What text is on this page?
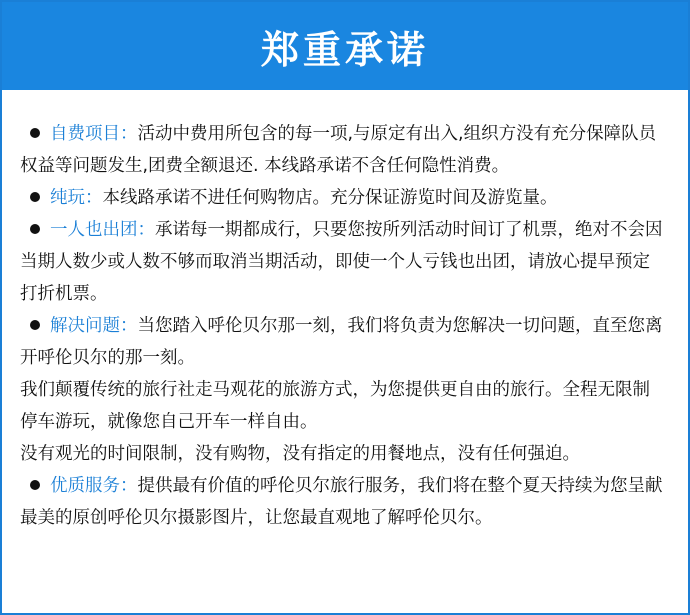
郑重承诺

自费项目：活动中费用所包含的每一项,与原定有出入,组织方没有充分保障队员权益等问题发生,团费全额退还. 本线路承诺不含任何隐性消费。

纯玩：本线路承诺不进任何购物店。充分保证游览时间及游览量。

一人也出团：承诺每一期都成行，只要您按所列活动时间订了机票，绝对不会因当期人数少或人数不够而取消当期活动，即使一个人亏钱也出团，请放心提早预定打折机票。

解决问题：当您踏入呼伦贝尔那一刻，我们将负责为您解决一切问题，直至您离开呼伦贝尔的那一刻。

我们颠覆传统的旅行社走马观花的旅游方式，为您提供更自由的旅行。全程无限制停车游玩，就像您自己开车一样自由。

没有观光的时间限制，没有购物，没有指定的用餐地点，没有任何强迫。

优质服务：提供最有价值的呼伦贝尔旅行服务，我们将在整个夏天持续为您呈献最美的原创呼伦贝尔摄影图片，让您最直观地了解呼伦贝尔。
